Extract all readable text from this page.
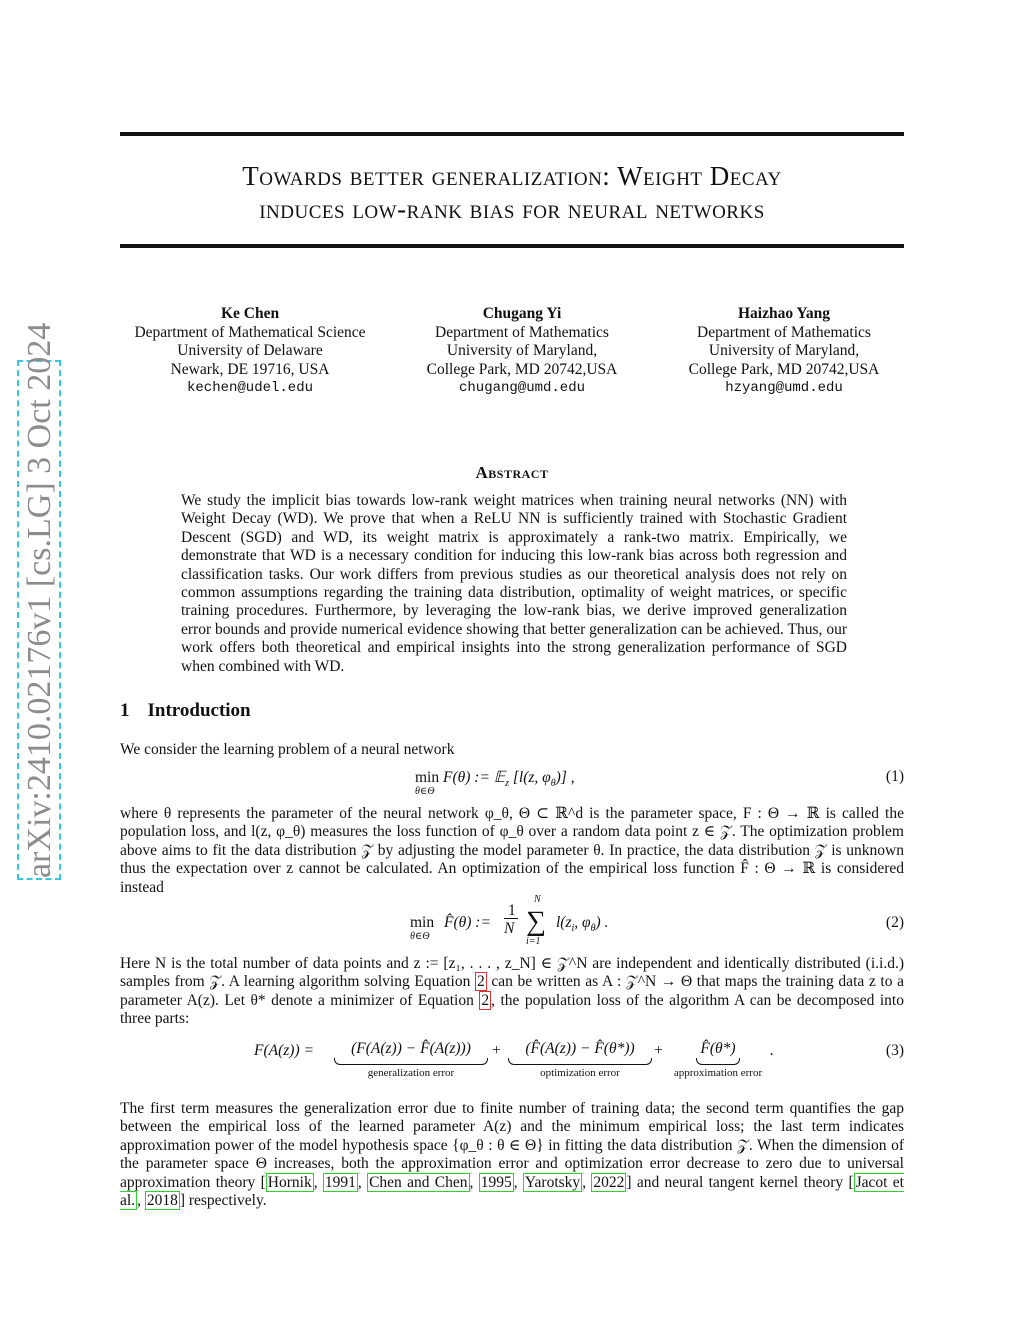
arXiv:2410.02176v1 [cs.LG] 3 Oct 2024
Towards better generalization: Weight Decay
induces low-rank bias for neural networks
Ke Chen
Department of Mathematical Science
University of Delaware
Newark, DE 19716, USA
kechen@udel.edu
Chugang Yi
Department of Mathematics
University of Maryland,
College Park, MD 20742,USA
chugang@umd.edu
Haizhao Yang
Department of Mathematics
University of Maryland,
College Park, MD 20742,USA
hzyang@umd.edu
Abstract
We study the implicit bias towards low-rank weight matrices when training neural networks (NN) with Weight Decay (WD). We prove that when a ReLU NN is sufficiently trained with Stochastic Gradient Descent (SGD) and WD, its weight matrix is approximately a rank-two matrix. Empirically, we demonstrate that WD is a necessary condition for inducing this low-rank bias across both regression and classification tasks. Our work differs from previous studies as our theoretical analysis does not rely on common assumptions regarding the training data distribution, optimality of weight matrices, or specific training procedures. Furthermore, by leveraging the low-rank bias, we derive improved generalization error bounds and provide numerical evidence showing that better generalization can be achieved. Thus, our work offers both theoretical and empirical insights into the strong generalization performance of SGD when combined with WD.
1 Introduction
We consider the learning problem of a neural network
min F(θ) := 𝔼$_z$ [l(z, $\varphi_\theta$)] ,
θ∈Θ
(1)
where θ represents the parameter of the neural network φ_θ, Θ ⊂ ℝ^d is the parameter space, F : Θ → ℝ is called the population loss, and l(z, φ_θ) measures the loss function of φ_θ over a random data point z ∈ 𝒵. The optimization problem above aims to fit the data distribution 𝒵 by adjusting the model parameter θ. In practice, the data distribution 𝒵 is unknown thus the expectation over z cannot be calculated. An optimization of the empirical loss function F̂ : Θ → ℝ is considered instead
min
θ∈Θ
F̂(θ) :=
1
N
N
∑
i=1
$l(z_i$, $\varphi_\theta$) .	(2)
Here N is the total number of data points and z := [z₁, . . . , z_N] ∈ 𝒵^N are independent and identically distributed (i.i.d.) samples from 𝒵. A learning algorithm solving Equation 2 can be written as A : 𝒵^N → Θ that maps the training data z to a parameter A(z). Let θ* denote a minimizer of Equation 2 , the population loss of the algorithm A can be decomposed into three parts:
F(A(z)) =	(F(A(z)) − F̂(A(z)))
generalization error
+	(F̂(A(z)) − F̂(θ*))
optimization error
+	F̂(θ*)
approximation error
.	(3)
The first term measures the generalization error due to finite number of training data; the second term quantifies the gap between the empirical loss of the learned parameter A(z) and the minimum empirical loss; the last term indicates approximation power of the model hypothesis space {φ_θ : θ ∈ Θ} in fitting the data distribution 𝒵. When the dimension of the parameter space Θ increases, both the approximation error and optimization error decrease to zero due to universal approximation theory [ Hornik , 1991 , Chen and Chen , 1995 , Yarotsky , 2022 ] and neural tangent kernel theory [ Jacot et al. , 2018 ] respectively.
